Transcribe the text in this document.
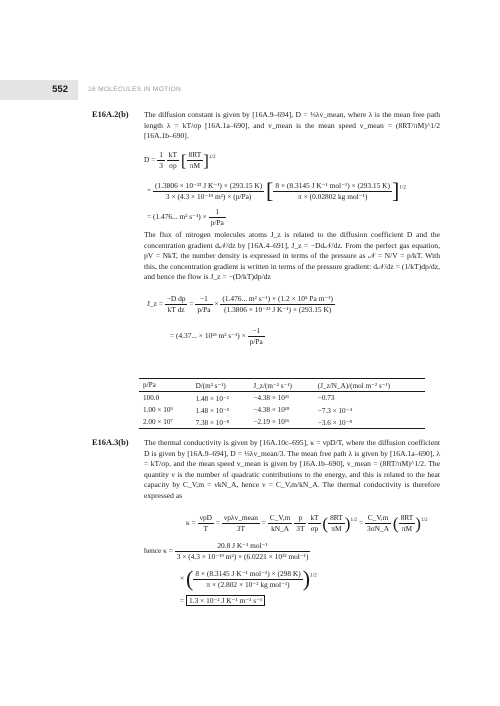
552	16 MOLECULES IN MOTION
E16A.2(b) The diffusion constant is given by [16A.9–694], D = ⅓λv_mean, where λ is the mean free path length λ = kT/σp [16A.1a–690], and v_mean is the mean speed v_mean = (8RT/πM)^1/2 [16A.1b–690].
$D = \frac{1}{3}$
$\frac{kT}{\sigma p}$ [ $\frac{8RT}{\pi M} ]^{1/2}$
= $\frac{\text{(1.3806 × 10⁻²³ J K⁻¹) × (293.15 K)}}{\text{3 × (4.3 × 10⁻¹⁹ m²) × (p/Pa)}}$ [ $\frac{\text{8 × (8.3145 J K⁻¹ mol⁻¹) × (293.15 K)}}{\text{π × (0.02802 kg mol⁻¹)}} ]^{1/2}$
= (1.476... m² $s^{-1}) \times \frac{1}{p/Pa}$
The flux of nitrogen molecules atoms J_z is related to the diffusion coefficient D and the concentration gradient d𝒩/dz by [16A.4–691], J_z = −Dd𝒩/dz. From the perfect gas equation, pV = NkT, the number density is expressed in terms of the pressure as 𝒩 = N/V = p/kT. With this, the concentration gradient is written in terms of the pressure gradient: d𝒩/dz = (1/kT)dp/dz, and hence the flow is J_z = −(D/kT)dp/dz
J_z = $\frac{\text{−D dp}}{\text{kT dz}} = \frac{-1}{p/Pa} \times \frac{\text{(1.476... m² s⁻¹) × (1.2 × 10⁵ Pa m⁻¹)}}{\text{(1.3806 × 10⁻²³ J K⁻¹) × (293.15 K)}}$
= (4.37... × 10²³ m² $s^{-1}) \times \frac{-1}{p/Pa}$
p/Pa	D/(m² s⁻¹)	J_z/(m⁻² s⁻¹)	(J_z/N_A)/(mol m⁻² s⁻¹)
100.0	1.48 × 10⁻²	−4.38 × 10²¹	−0.73
1.00 × 10⁵	1.48 × 10⁻⁵	−4.38 × 10¹⁸	−7.3 × 10⁻⁴
2.00 × 10⁷	7.38 × 10⁻⁸	−2.19 × 10¹⁶	−3.6 × 10⁻⁸
E16A.3(b) The thermal conductivity is given by [16A.10c–695], κ = νpD/T, where the diffusion coefficient D is given by [16A.9–694], D = ⅓λv_mean/3. The mean free path λ is given by [16A.1a–690], λ = kT/σp, and the mean speed v_mean is given by [16A.1b–690], v_mean = (8RT/πM)^1/2. The quantity ν is the number of quadratic contributions to the energy, and this is related to the heat capacity by C_V,m = νkN_A, hence ν = C_V,m/kN_A. The thermal conductivity is therefore expressed as
$\kappa = \frac{\text{νpD}}{T} = \frac{\text{νpλv\_mean}}{3T} = \frac{C\_V,m}{kN\_A}$
$\frac{p}{3T}$
$\frac{kT}{\sigma p}$ ( $\frac{8RT}{\pi M} )^{1/2} = \frac{C\_V,m}{3\sigma N\_A}$ ( $\frac{8RT}{\pi M} )^{1/2}$
hence $\kappa = \frac{\text{20.8 J K⁻¹ mol⁻¹}}{\text{3 × (4.3 × 10⁻¹⁹ m²) × (6.0221 × 10²³ mol⁻¹)}}$
× ( $\frac{\text{8 × (8.3145 J K⁻¹ mol⁻¹) × (298 K)}}{\text{π × (2.802 × 10⁻² kg mol⁻¹)}} )^{1/2}$
= 1.3 × 10⁻² J K⁻¹ m⁻¹ s⁻¹
